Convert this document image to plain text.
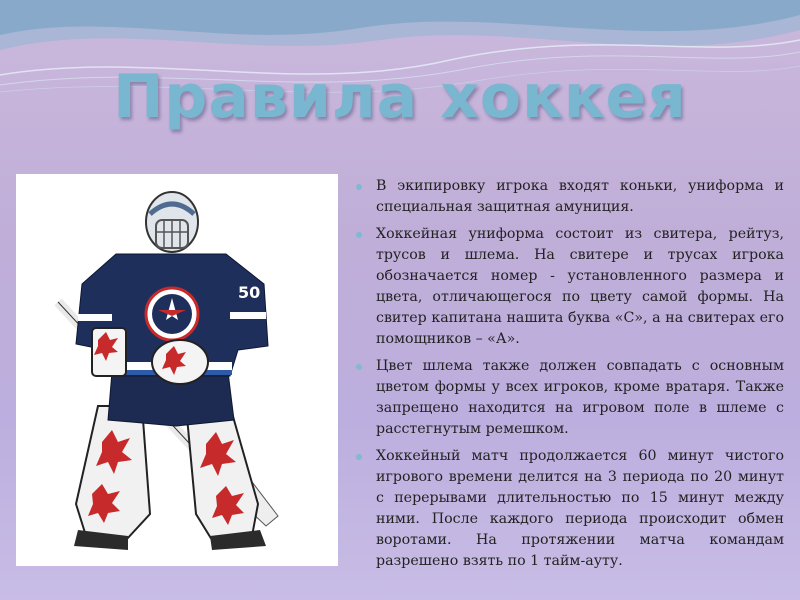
Правила хоккея
50

В экипировку игрока входят коньки, униформа и специальная защитная амуниция.

Хоккейная униформа состоит из свитера, рейтуз, трусов и шлема. На свитере и трусах игрока обозначается номер - установленного размера и цвета, отличающегося по цвету самой формы. На свитер капитана нашита буква «С», а на свитерах его помощников – «А».

Цвет шлема также должен совпадать с основным цветом формы у всех игроков, кроме вратаря. Также запрещено находится на игровом поле в шлеме с расстегнутым ремешком.

Хоккейный матч продолжается 60 минут чистого игрового времени делится на 3 периода по 20 минут с перерывами длительностью по 15 минут между ними. После каждого периода происходит обмен воротами. На протяжении матча командам разрешено взять по 1 тайм-ауту.
